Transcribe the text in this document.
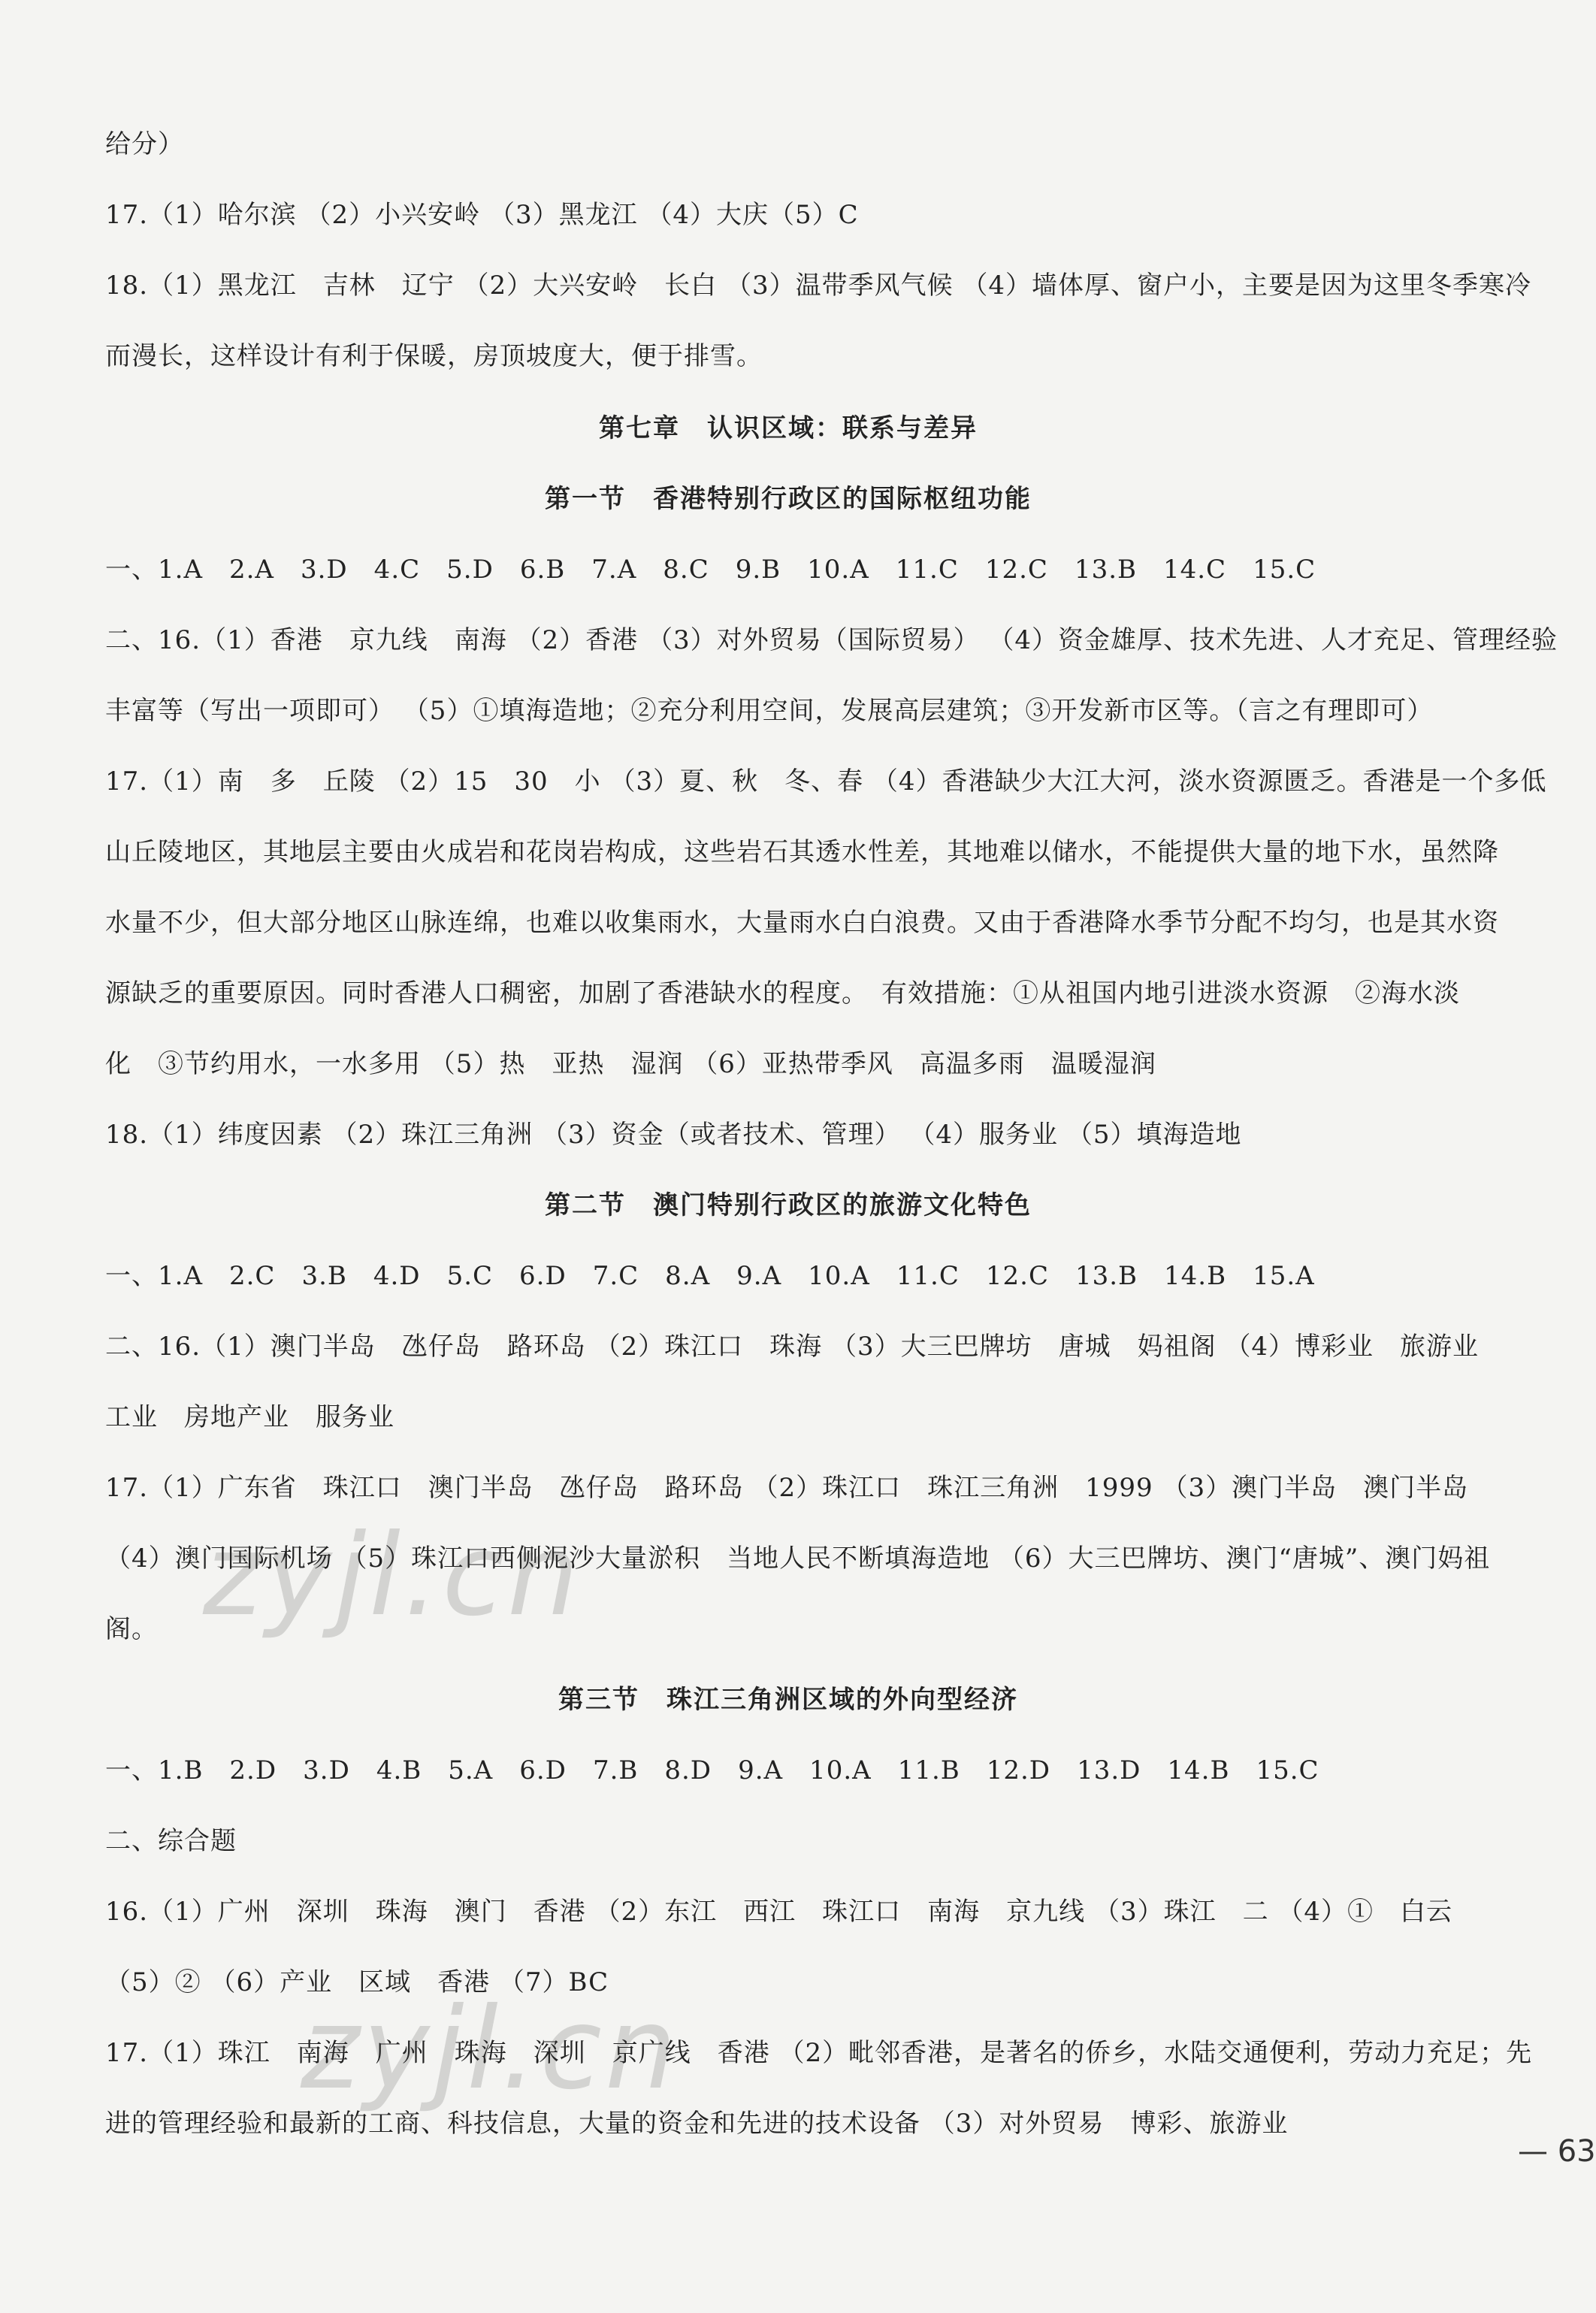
给分）
17.（1）哈尔滨 （2）小兴安岭 （3）黑龙江 （4）大庆（5）C
18.（1）黑龙江　吉林　辽宁 （2）大兴安岭　长白 （3）温带季风气候 （4）墙体厚、窗户小，主要是因为这里冬季寒冷
而漫长，这样设计有利于保暖，房顶坡度大，便于排雪。
第七章　认识区域：联系与差异
第一节　香港特别行政区的国际枢纽功能
一、1.A　2.A　3.D　4.C　5.D　6.B　7.A　8.C　9.B　10.A　11.C　12.C　13.B　14.C　15.C
二、16.（1）香港　京九线　南海 （2）香港 （3）对外贸易（国际贸易） （4）资金雄厚、技术先进、人才充足、管理经验
丰富等（写出一项即可） （5）①填海造地；②充分利用空间，发展高层建筑；③开发新市区等。（言之有理即可）
17.（1）南　多　丘陵 （2）15　30　小 （3）夏、秋　冬、春 （4）香港缺少大江大河，淡水资源匮乏。香港是一个多低
山丘陵地区，其地层主要由火成岩和花岗岩构成，这些岩石其透水性差，其地难以储水，不能提供大量的地下水，虽然降
水量不少，但大部分地区山脉连绵，也难以收集雨水，大量雨水白白浪费。又由于香港降水季节分配不均匀，也是其水资
源缺乏的重要原因。同时香港人口稠密，加剧了香港缺水的程度。　有效措施：①从祖国内地引进淡水资源　②海水淡
化　③节约用水，一水多用 （5）热　亚热　湿润 （6）亚热带季风　高温多雨　温暖湿润
18.（1）纬度因素 （2）珠江三角洲 （3）资金（或者技术、管理） （4）服务业 （5）填海造地
第二节　澳门特别行政区的旅游文化特色
一、1.A　2.C　3.B　4.D　5.C　6.D　7.C　8.A　9.A　10.A　11.C　12.C　13.B　14.B　15.A
二、16.（1）澳门半岛　氹仔岛　路环岛 （2）珠江口　珠海 （3）大三巴牌坊　唐城　妈祖阁 （4）博彩业　旅游业
工业　房地产业　服务业
17.（1）广东省　珠江口　澳门半岛　氹仔岛　路环岛 （2）珠江口　珠江三角洲　1999 （3）澳门半岛　澳门半岛
（4）澳门国际机场 （5）珠江口西侧泥沙大量淤积　当地人民不断填海造地 （6）大三巴牌坊、澳门“唐城”、澳门妈祖
阁。
第三节　珠江三角洲区域的外向型经济
一、1.B　2.D　3.D　4.B　5.A　6.D　7.B　8.D　9.A　10.A　11.B　12.D　13.D　14.B　15.C
二、综合题
16.（1）广州　深圳　珠海　澳门　香港 （2）东江　西江　珠江口　南海　京九线 （3）珠江　二 （4）①　白云
（5）② （6）产业　区域　香港 （7）BC
17.（1）珠江　南海　广州　珠海　深圳　京广线　香港 （2）毗邻香港，是著名的侨乡，水陆交通便利，劳动力充足；先
进的管理经验和最新的工商、科技信息，大量的资金和先进的技术设备 （3）对外贸易　博彩、旅游业
— 63
zyjl.cn
zyjl.cn
